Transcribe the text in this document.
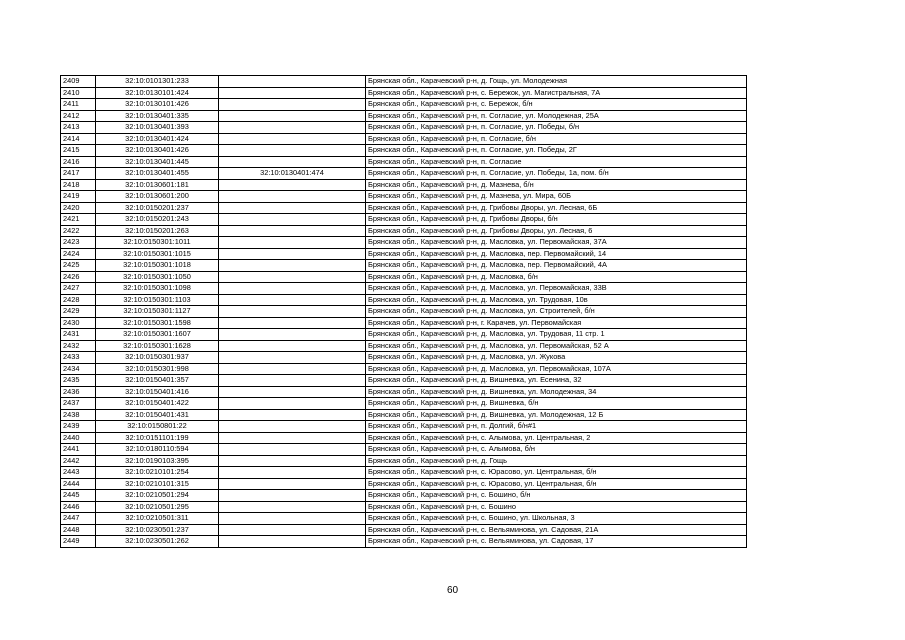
2409	32:10:0101301:233		Брянская обл., Карачевский р-н, д. Гощь, ул. Молодежная
2410	32:10:0130101:424		Брянская обл., Карачевский р-н, с. Бережок, ул. Магистральная, 7А
2411	32:10:0130101:426		Брянская обл., Карачевский р-н, с. Бережок, б/н
2412	32:10:0130401:335		Брянская обл., Карачевский р-н, п. Согласие, ул. Молодежная, 25А
2413	32:10:0130401:393		Брянская обл., Карачевский р-н, п. Согласие, ул. Победы, б/н
2414	32:10:0130401:424		Брянская обл., Карачевский р-н, п. Согласие, б/н
2415	32:10:0130401:426		Брянская обл., Карачевский р-н, п. Согласие, ул. Победы, 2Г
2416	32:10:0130401:445		Брянская обл., Карачевский р-н, п. Согласие
2417	32:10:0130401:455	32:10:0130401:474	Брянская обл., Карачевский р-н, п. Согласие, ул. Победы, 1а, пом. б/н
2418	32:10:0130601:181		Брянская обл., Карачевский р-н, д. Мазнева, б/н
2419	32:10:0130601:200		Брянская обл., Карачевский р-н, д. Мазнева, ул. Мира, 60Б
2420	32:10:0150201:237		Брянская обл., Карачевский р-н, д. Грибовы Дворы, ул. Лесная, 6Б
2421	32:10:0150201:243		Брянская обл., Карачевский р-н, д. Грибовы Дворы, б/н
2422	32:10:0150201:263		Брянская обл., Карачевский р-н, д. Грибовы Дворы, ул. Лесная, 6
2423	32:10:0150301:1011		Брянская обл., Карачевский р-н, д. Масловка, ул. Первомайская, 37А
2424	32:10:0150301:1015		Брянская обл., Карачевский р-н, д. Масловка, пер. Первомайский, 14
2425	32:10:0150301:1018		Брянская обл., Карачевский р-н, д. Масловка, пер. Первомайский, 4А
2426	32:10:0150301:1050		Брянская обл., Карачевский р-н, д. Масловка, б/н
2427	32:10:0150301:1098		Брянская обл., Карачевский р-н, д. Масловка, ул. Первомайская, 33В
2428	32:10:0150301:1103		Брянская обл., Карачевский р-н, д. Масловка, ул. Трудовая, 10в
2429	32:10:0150301:1127		Брянская обл., Карачевский р-н, д. Масловка, ул. Строителей, б/н
2430	32:10:0150301:1598		Брянская обл., Карачевский р-н, г. Карачев, ул. Первомайская
2431	32:10:0150301:1607		Брянская обл., Карачевский р-н, д. Масловка, ул. Трудовая, 11 стр. 1
2432	32:10:0150301:1628		Брянская обл., Карачевский р-н, д. Масловка, ул. Первомайская, 52 А
2433	32:10:0150301:937		Брянская обл., Карачевский р-н, д. Масловка, ул. Жукова
2434	32:10:0150301:998		Брянская обл., Карачевский р-н, д. Масловка, ул. Первомайская, 107А
2435	32:10:0150401:357		Брянская обл., Карачевский р-н, д. Вишневка, ул. Есенина, 32
2436	32:10:0150401:416		Брянская обл., Карачевский р-н, д. Вишневка, ул. Молодежная, 34
2437	32:10:0150401:422		Брянская обл., Карачевский р-н, д. Вишневка, б/н
2438	32:10:0150401:431		Брянская обл., Карачевский р-н, д. Вишневка, ул. Молодежная, 12 Б
2439	32:10:0150801:22		Брянская обл., Карачевский р-н, п. Долгий, б/н#1
2440	32:10:0151101:199		Брянская обл., Карачевский р-н, с. Алымова, ул. Центральная, 2
2441	32:10:0180110:594		Брянская обл., Карачевский р-н, с. Алымова, б/н
2442	32:10:0190103:395		Брянская обл., Карачевский р-н, д. Гощь
2443	32:10:0210101:254		Брянская обл., Карачевский р-н, с. Юрасово, ул. Центральная, б/н
2444	32:10:0210101:315		Брянская обл., Карачевский р-н, с. Юрасово, ул. Центральная, б/н
2445	32:10:0210501:294		Брянская обл., Карачевский р-н, с. Бошино, б/н
2446	32:10:0210501:295		Брянская обл., Карачевский р-н, с. Бошино
2447	32:10:0210501:311		Брянская обл., Карачевский р-н, с. Бошино, ул. Школьная, 3
2448	32:10:0230501:237		Брянская обл., Карачевский р-н, с. Вельяминова, ул. Садовая, 21А
2449	32:10:0230501:262		Брянская обл., Карачевский р-н, с. Вельяминова, ул. Садовая, 17
60
